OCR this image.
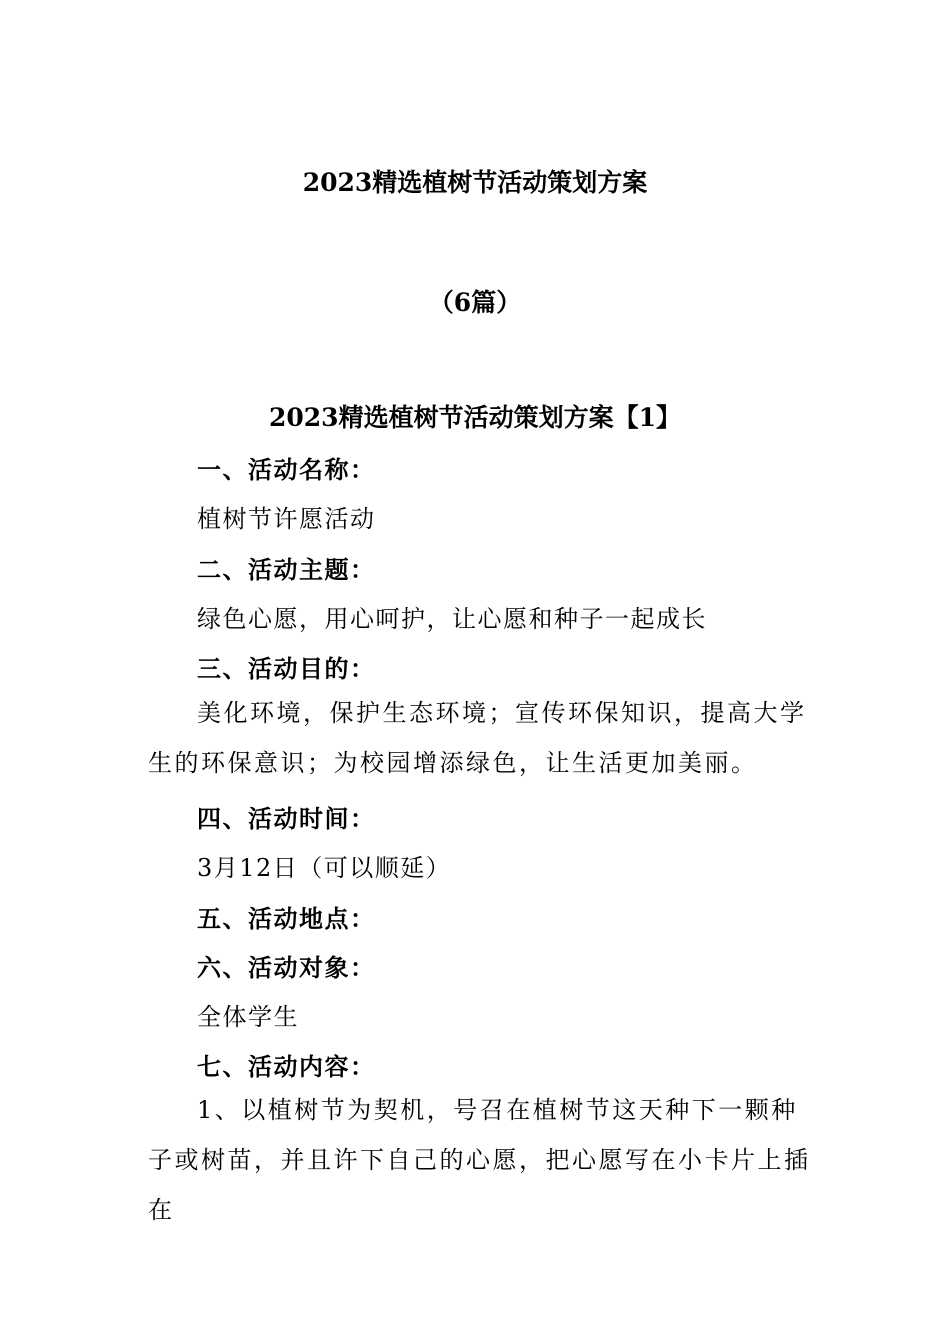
2023精选植树节活动策划方案
（6篇）
2023精选植树节活动策划方案【1】
一、活动名称：
植树节许愿活动
二、活动主题：
绿色心愿，用心呵护，让心愿和种子一起成长
三、活动目的：
美化环境，保护生态环境；宣传环保知识，提高大学生的环保意识；为校园增添绿色，让生活更加美丽。
四、活动时间：
3月12日（可以顺延）
五、活动地点：
六、活动对象：
全体学生
七、活动内容：
1、以植树节为契机，号召在植树节这天种下一颗种子或树苗，并且许下自己的心愿，把心愿写在小卡片上插在
